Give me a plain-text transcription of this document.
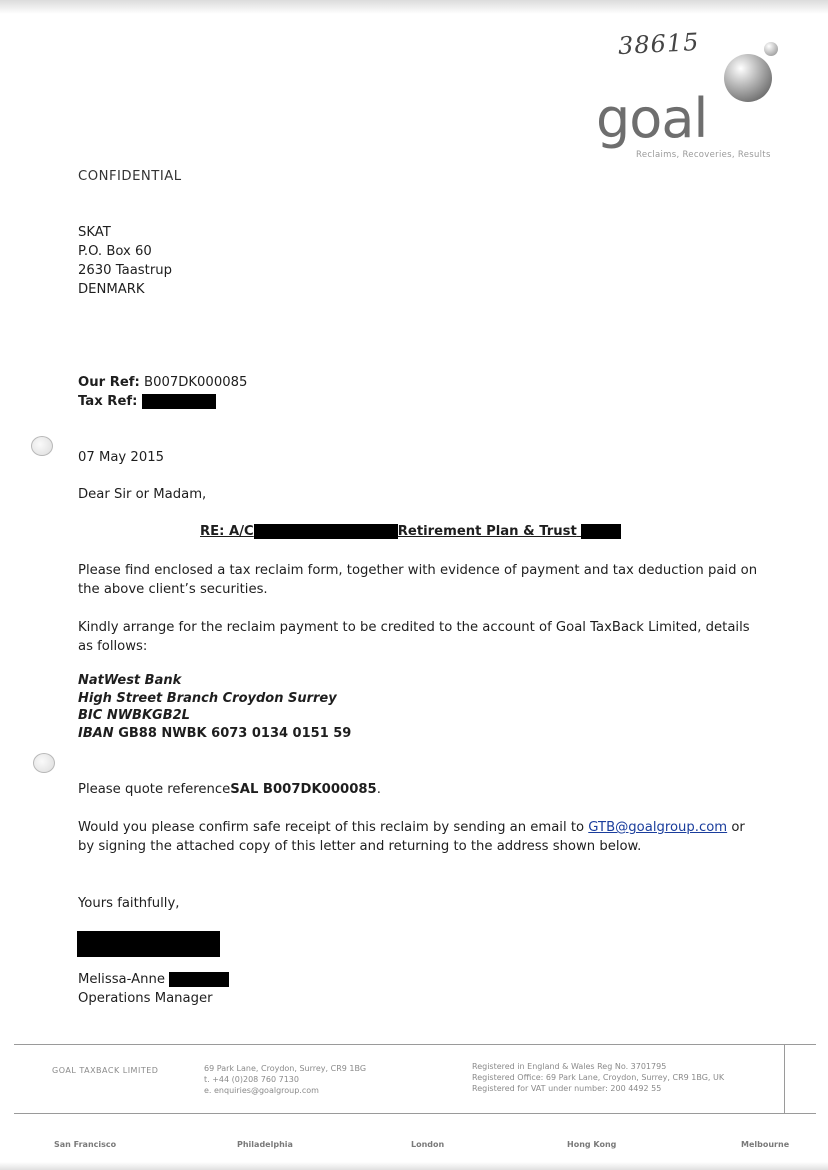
38615
goal
Reclaims, Recoveries, Results
CONFIDENTIAL
SKAT
P.O. Box 60
2630 Taastrup
DENMARK
Our Ref: B007DK000085
Tax Ref:
07 May 2015
Dear Sir or Madam,
RE: A/C	Retirement Plan & Trust
Please find enclosed a tax reclaim form, together with evidence of payment and tax deduction paid on the above client’s securities.
Kindly arrange for the reclaim payment to be credited to the account of Goal TaxBack Limited, details as follows:
NatWest Bank
High Street Branch Croydon Surrey
BIC NWBKGB2L
IBAN GB88 NWBK 6073 0134 0151 59
Please quote referenceSAL B007DK000085.
Would you please confirm safe receipt of this reclaim by sending an email to GTB@goalgroup.com or by signing the attached copy of this letter and returning to the address shown below.
Yours faithfully,
Melissa-Anne
Operations Manager
GOAL TAXBACK LIMITED	69 Park Lane, Croydon, Surrey, CR9 1BG
t. +44 (0)208 760 7130
e. enquiries@goalgroup.com
Registered in England & Wales Reg No. 3701795
Registered Office: 69 Park Lane, Croydon, Surrey, CR9 1BG, UK
Registered for VAT under number: 200 4492 55
San Francisco	Philadelphia	London	Hong Kong	Melbourne
